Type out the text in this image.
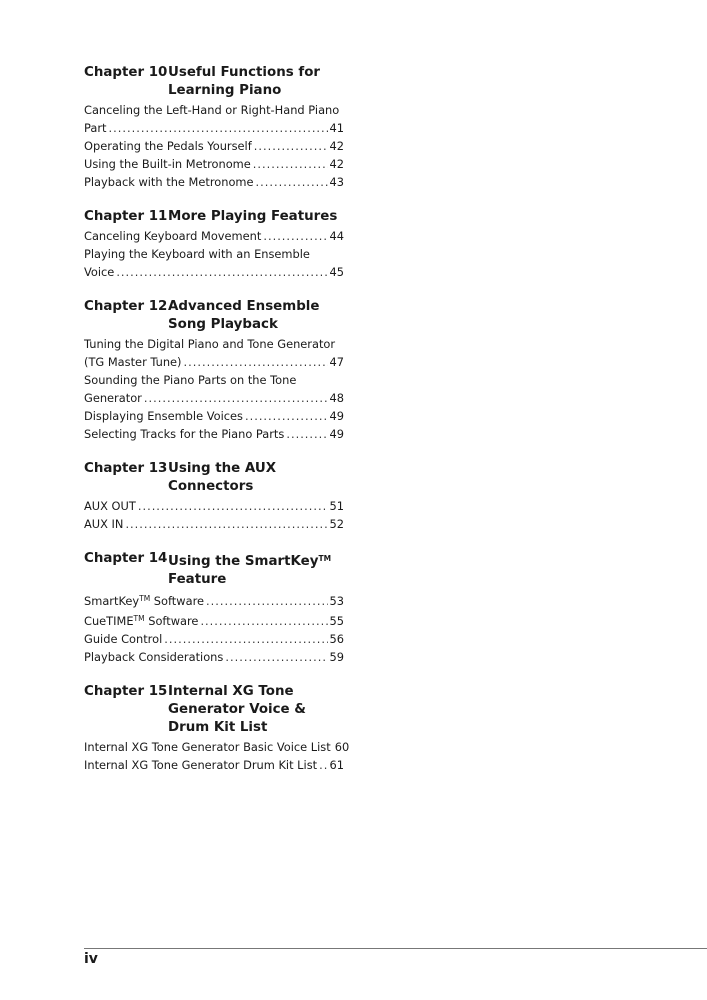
Chapter 10 Useful Functions for Learning Piano
Canceling the Left-Hand or Right-Hand Piano
Part .....	41
Operating the Pedals Yourself .....	42
Using the Built-in Metronome .....	42
Playback with the Metronome .....	43
Chapter 11 More Playing Features
Canceling Keyboard Movement .....	44
Playing the Keyboard with an Ensemble
Voice .....	45
Chapter 12 Advanced Ensemble Song Playback
Tuning the Digital Piano and Tone Generator
(TG Master Tune) .....	47
Sounding the Piano Parts on the Tone
Generator .....	48
Displaying Ensemble Voices .....	49
Selecting Tracks for the Piano Parts .....	49
Chapter 13 Using the AUX Connectors
AUX OUT .....	51
AUX IN .....	52
Chapter 14 Using the SmartKey™ Feature
SmartKey™ Software .....	53
CueTIME™ Software .....	55
Guide Control .....	56
Playback Considerations .....	59
Chapter 15 Internal XG Tone Generator Voice & Drum Kit List
Internal XG Tone Generator Basic Voice List 60
Internal XG Tone Generator Drum Kit List ..... 61
iv
